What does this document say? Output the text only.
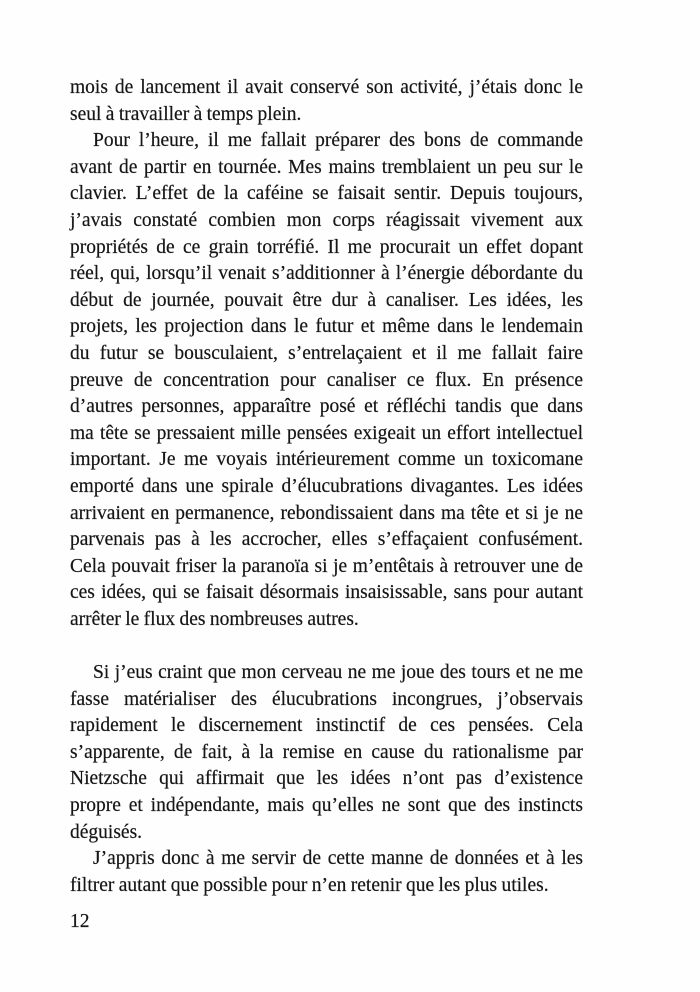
mois de lancement il avait conservé son activité, j’étais donc le
seul à travailler à temps plein.
Pour l’heure, il me fallait préparer des bons de commande
avant de partir en tournée. Mes mains tremblaient un peu sur le
clavier. L’effet de la caféine se faisait sentir. Depuis toujours,
j’avais constaté combien mon corps réagissait vivement aux
propriétés de ce grain torréfié. Il me procurait un effet dopant
réel, qui, lorsqu’il venait s’additionner à l’énergie débordante du
début de journée, pouvait être dur à canaliser. Les idées, les
projets, les projection dans le futur et même dans le lendemain
du futur se bousculaient, s’entrelaçaient et il me fallait faire
preuve de concentration pour canaliser ce flux. En présence
d’autres personnes, apparaître posé et réfléchi tandis que dans
ma tête se pressaient mille pensées exigeait un effort intellectuel
important. Je me voyais intérieurement comme un toxicomane
emporté dans une spirale d’élucubrations divagantes. Les idées
arrivaient en permanence, rebondissaient dans ma tête et si je ne
parvenais pas à les accrocher, elles s’effaçaient confusément.
Cela pouvait friser la paranoïa si je m’entêtais à retrouver une de
ces idées, qui se faisait désormais insaisissable, sans pour autant
arrêter le flux des nombreuses autres.
Si j’eus craint que mon cerveau ne me joue des tours et ne me
fasse matérialiser des élucubrations incongrues, j’observais
rapidement le discernement instinctif de ces pensées. Cela
s’apparente, de fait, à la remise en cause du rationalisme par
Nietzsche qui affirmait que les idées n’ont pas d’existence
propre et indépendante, mais qu’elles ne sont que des instincts
déguisés.
J’appris donc à me servir de cette manne de données et à les
filtrer autant que possible pour n’en retenir que les plus utiles.
12
